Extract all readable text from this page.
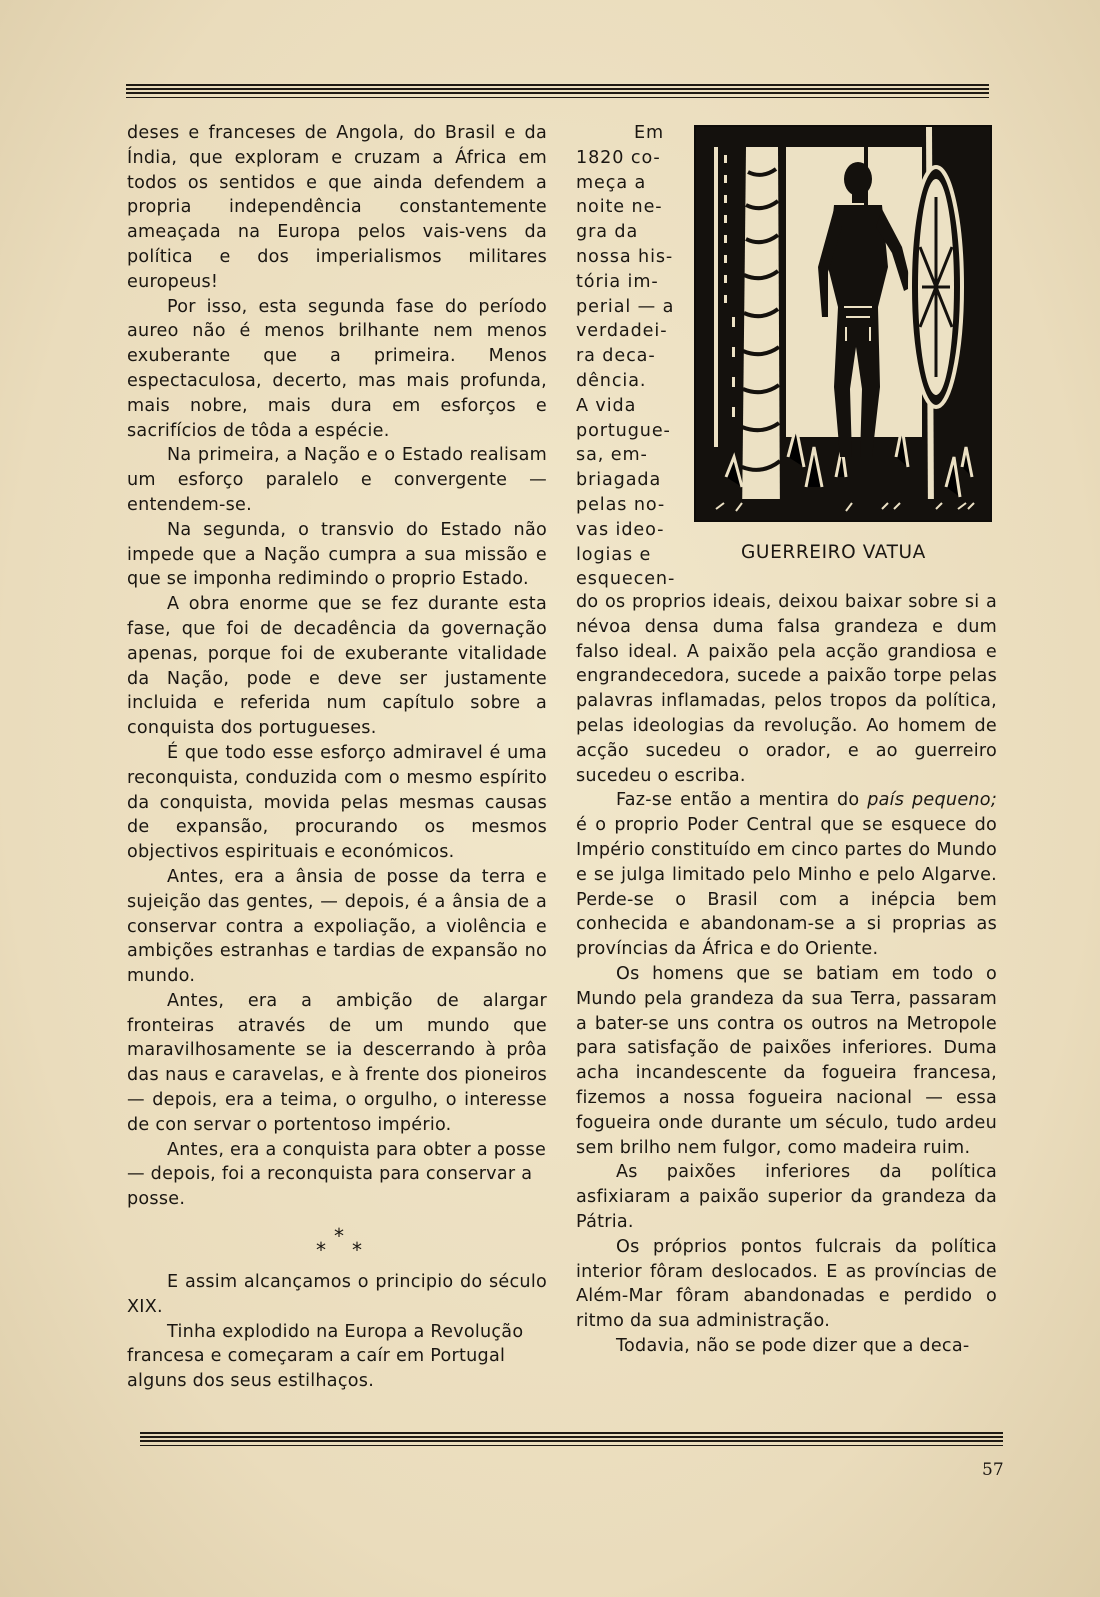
deses e franceses de Angola, do Brasil e da Índia, que exploram e cruzam a África em todos os sentidos e que ainda defendem a propria independência constantemente ameaçada na Europa pelos vais-vens da política e dos imperialismos militares europeus!

Por isso, esta segunda fase do período aureo não é menos brilhante nem menos exuberante que a primeira. Menos espectaculosa, decerto, mas mais profunda, mais nobre, mais dura em esforços e sacrifícios de tôda a espécie.

Na primeira, a Nação e o Estado realisam um esforço paralelo e convergente — entendem-se.

Na segunda, o transvio do Estado não impede que a Nação cumpra a sua missão e que se imponha redimindo o proprio Estado.

A obra enorme que se fez durante esta fase, que foi de decadência da governação apenas, porque foi de exuberante vitalidade da Nação, pode e deve ser justamente incluida e referida num capítulo sobre a conquista dos portugueses.

É que todo esse esforço admiravel é uma reconquista, conduzida com o mesmo espírito da conquista, movida pelas mesmas causas de expansão, procurando os mesmos objectivos espirituais e económicos.

Antes, era a ânsia de posse da terra e sujeição das gentes, — depois, é a ânsia de a conservar contra a expoliação, a violência e ambições estranhas e tardias de expansão no mundo.

Antes, era a ambição de alargar fronteiras através de um mundo que maravilhosamente se ia descerrando à prôa das naus e caravelas, e à frente dos pioneiros — depois, era a teima, o orgulho, o interesse de con servar o portentoso império.

Antes, era a conquista para obter a posse — depois, foi a reconquista para conservar a posse.

*
*
*

E assim alcançamos o principio do século XIX.

Tinha explodido na Europa a Revolução francesa e começaram a caír em Portugal alguns dos seus estilhaços.

Em
1820 co-
meça a
noite ne-
gra da
nossa his-
tória im-
perial — a
verdadei-
ra deca-
dência.
A vida
portugue-
sa, em-
briagada
pelas no-
vas ideo-
logias e
esquecen-
GUERREIRO VATUA

do os proprios ideais, deixou baixar sobre si a névoa densa duma falsa grandeza e dum falso ideal. A paixão pela acção grandiosa e engrandecedora, sucede a paixão torpe pelas palavras inflamadas, pelos tropos da política, pelas ideologias da revolução. Ao homem de acção sucedeu o orador, e ao guerreiro sucedeu o escriba.

Faz-se então a mentira do país pequeno; é o proprio Poder Central que se esquece do Império constituído em cinco partes do Mundo e se julga limitado pelo Minho e pelo Algarve. Perde-se o Brasil com a inépcia bem conhecida e abandonam-se a si proprias as províncias da África e do Oriente.

Os homens que se batiam em todo o Mundo pela grandeza da sua Terra, passaram a bater-se uns contra os outros na Metropole para satisfação de paixões inferiores. Duma acha incandescente da fogueira francesa, fizemos a nossa fogueira nacional — essa fogueira onde durante um século, tudo ardeu sem brilho nem fulgor, como madeira ruim.

As paixões inferiores da política asfixiaram a paixão superior da grandeza da Pátria.

Os próprios pontos fulcrais da política interior fôram deslocados. E as províncias de Além-Mar fôram abandonadas e perdido o ritmo da sua administração.

Todavia, não se pode dizer que a deca-

57
